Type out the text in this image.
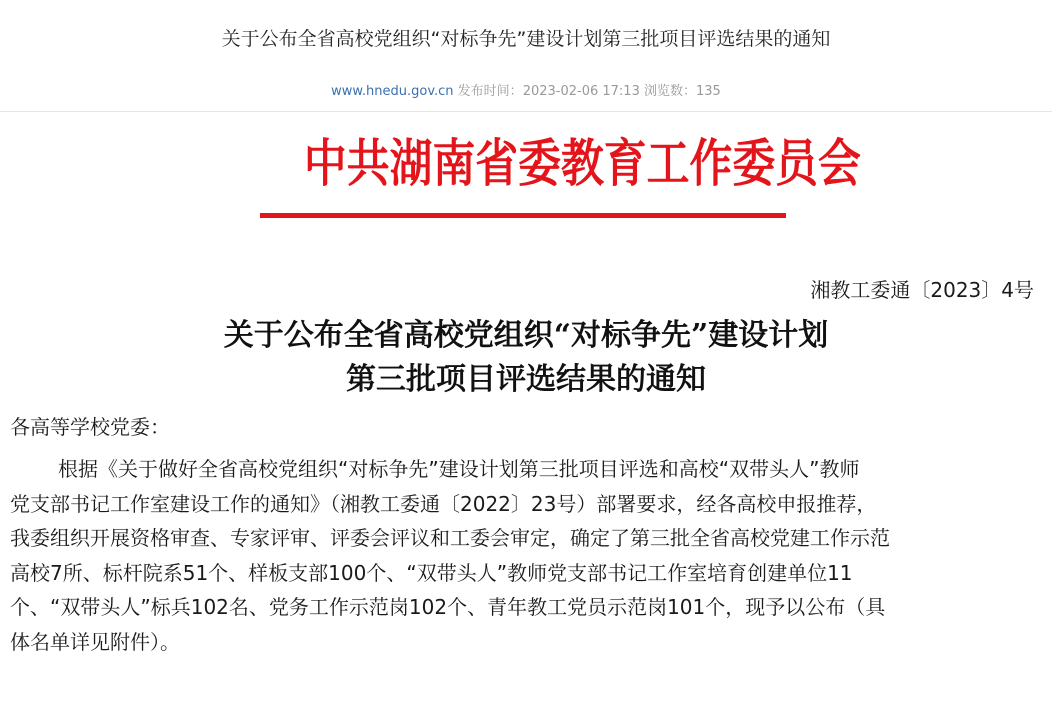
关于公布全省高校党组织“对标争先”建设计划第三批项目评选结果的通知
www.hnedu.gov.cn 发布时间：2023-02-06 17:13 浏览数：135
中共湖南省委教育工作委员会
湘教工委通〔2023〕4号
关于公布全省高校党组织“对标争先”建设计划
第三批项目评选结果的通知
各高等学校党委：
根据《关于做好全省高校党组织“对标争先”建设计划第三批项目评选和高校“双带头人”教师
党支部书记工作室建设工作的通知》（湘教工委通〔2022〕23号）部署要求，经各高校申报推荐，
我委组织开展资格审查、专家评审、评委会评议和工委会审定，确定了第三批全省高校党建工作示范
高校7所、标杆院系51个、样板支部100个、“双带头人”教师党支部书记工作室培育创建单位11
个、“双带头人”标兵102名、党务工作示范岗102个、青年教工党员示范岗101个，现予以公布（具
体名单详见附件）。
